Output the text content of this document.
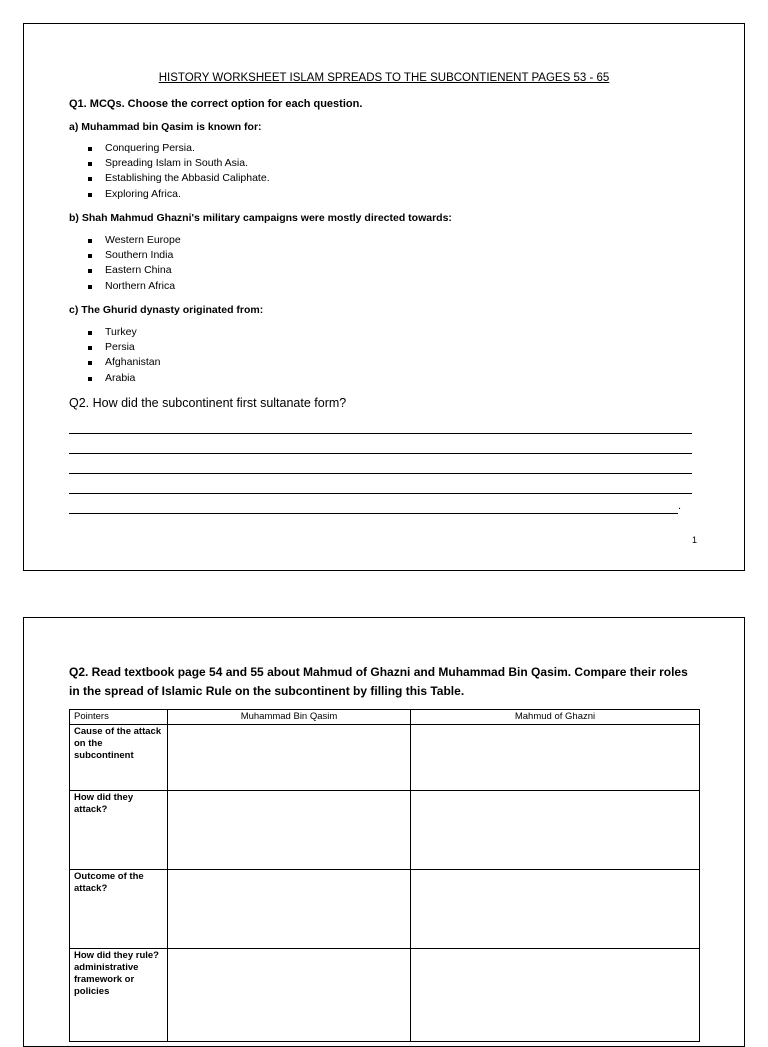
HISTORY WORKSHEET ISLAM SPREADS TO THE SUBCONTIENENT PAGES 53 - 65
Q1. MCQs. Choose the correct option for each question.
a) Muhammad bin Qasim is known for:
Conquering Persia.
Spreading Islam in South Asia.
Establishing the Abbasid Caliphate.
Exploring Africa.
b) Shah Mahmud Ghazni's military campaigns were mostly directed towards:
Western Europe
Southern India
Eastern China
Northern Africa
c) The Ghurid dynasty originated from:
Turkey
Persia
Afghanistan
Arabia
Q2. How did the subcontinent first sultanate form?
.
1
Q2. Read textbook page 54 and 55 about Mahmud of Ghazni and Muhammad Bin Qasim. Compare their roles in the spread of Islamic Rule on the subcontinent by filling this Table.
Pointers	Muhammad Bin Qasim	Mahmud of Ghazni
Cause of the attack on the subcontinent		
How did they attack?		
Outcome of the attack?		
How did they rule? administrative framework or policies		
